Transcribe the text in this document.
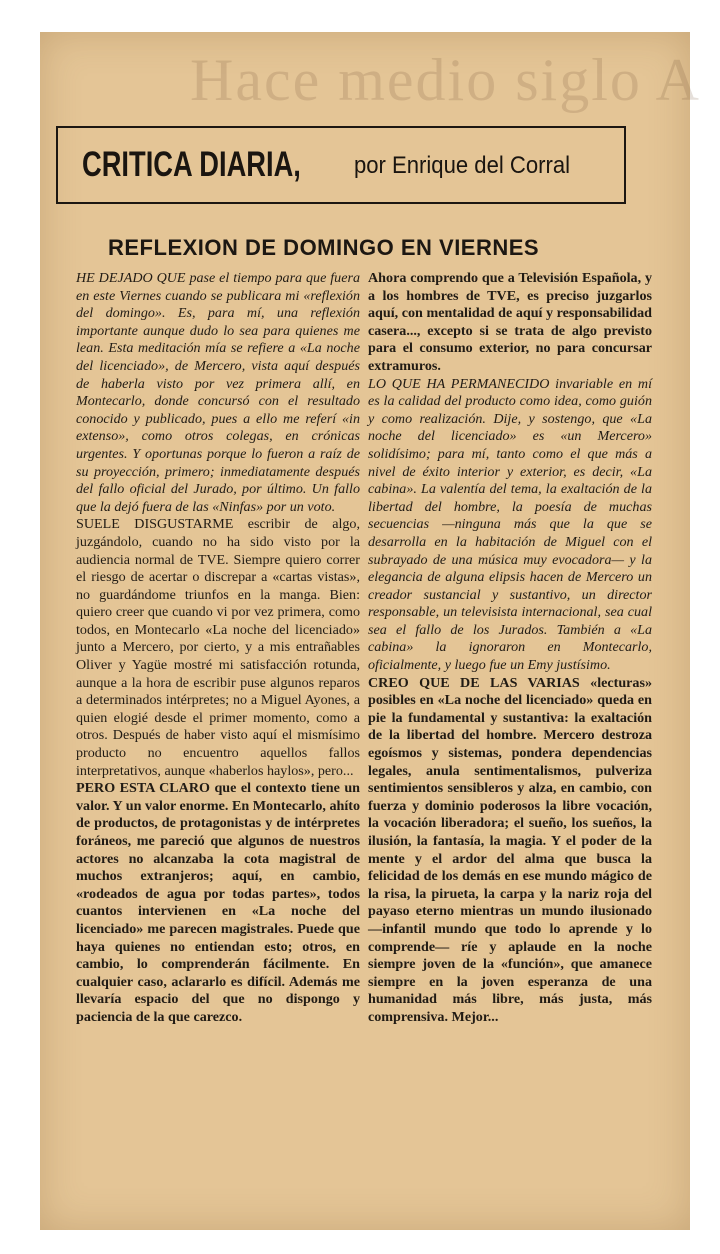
Hace medio siglo A
CRITICA DIARIA, por Enrique del Corral
REFLEXION DE DOMINGO EN VIERNES

HE DEJADO QUE pase el tiempo para que fuera en este Viernes cuando se publicara mi «reflexión del domingo». Es, para mí, una reflexión importante aunque dudo lo sea para quienes me lean. Esta meditación mía se refiere a «La noche del licenciado», de Mercero, vista aquí después de haberla visto por vez primera allí, en Montecarlo, donde concursó con el resultado conocido y publicado, pues a ello me referí «in extenso», como otros colegas, en crónicas urgentes. Y oportunas porque lo fueron a raíz de su proyección, primero; inmediatamente después del fallo oficial del Jurado, por último. Un fallo que la dejó fuera de las «Ninfas» por un voto.

SUELE DISGUSTARME escribir de algo, juzgándolo, cuando no ha sido visto por la audiencia normal de TVE. Siempre quiero correr el riesgo de acertar o discrepar a «cartas vistas», no guardándome triunfos en la manga. Bien: quiero creer que cuando vi por vez primera, como todos, en Montecarlo «La noche del licenciado» junto a Mercero, por cierto, y a mis entrañables Oliver y Yagüe mostré mi satisfacción rotunda, aunque a la hora de escribir puse algunos reparos a determinados intérpretes; no a Miguel Ayones, a quien elogié desde el primer momento, como a otros. Después de haber visto aquí el mismísimo producto no encuentro aquellos fallos interpretativos, aunque «haberlos haylos», pero...

PERO ESTA CLARO que el contexto tiene un valor. Y un valor enorme. En Montecarlo, ahíto de productos, de protagonistas y de intérpretes foráneos, me pareció que algunos de nuestros actores no alcanzaba la cota magistral de muchos extranjeros; aquí, en cambio, «rodeados de agua por todas partes», todos cuantos intervienen en «La noche del licenciado» me parecen magistrales. Puede que haya quienes no entiendan esto; otros, en cambio, lo comprenderán fácilmente. En cualquier caso, aclararlo es difícil. Además me llevaría espacio del que no dispongo y paciencia de la que carezco.

Ahora comprendo que a Televisión Española, y a los hombres de TVE, es preciso juzgarlos aquí, con mentalidad de aquí y responsabilidad casera..., excepto si se trata de algo previsto para el consumo exterior, no para concursar extramuros.

LO QUE HA PERMANECIDO invariable en mí es la calidad del producto como idea, como guión y como realización. Dije, y sostengo, que «La noche del licenciado» es «un Mercero» solidísimo; para mí, tanto como el que más a nivel de éxito interior y exterior, es decir, «La cabina». La valentía del tema, la exaltación de la libertad del hombre, la poesía de muchas secuencias —ninguna más que la que se desarrolla en la habitación de Miguel con el subrayado de una música muy evocadora— y la elegancia de alguna elipsis hacen de Mercero un creador sustancial y sustantivo, un director responsable, un televisista internacional, sea cual sea el fallo de los Jurados. También a «La cabina» la ignoraron en Montecarlo, oficialmente, y luego fue un Emy justísimo.

CREO QUE DE LAS VARIAS «lecturas» posibles en «La noche del licenciado» queda en pie la fundamental y sustantiva: la exaltación de la libertad del hombre. Mercero destroza egoísmos y sistemas, pondera dependencias legales, anula sentimentalismos, pulveriza sentimientos sensibleros y alza, en cambio, con fuerza y dominio poderosos la libre vocación, la vocación liberadora; el sueño, los sueños, la ilusión, la fantasía, la magia. Y el poder de la mente y el ardor del alma que busca la felicidad de los demás en ese mundo mágico de la risa, la pirueta, la carpa y la nariz roja del payaso eterno mientras un mundo ilusionado —infantil mundo que todo lo aprende y lo comprende— ríe y aplaude en la noche siempre joven de la «función», que amanece siempre en la joven esperanza de una humanidad más libre, más justa, más comprensiva. Mejor...
